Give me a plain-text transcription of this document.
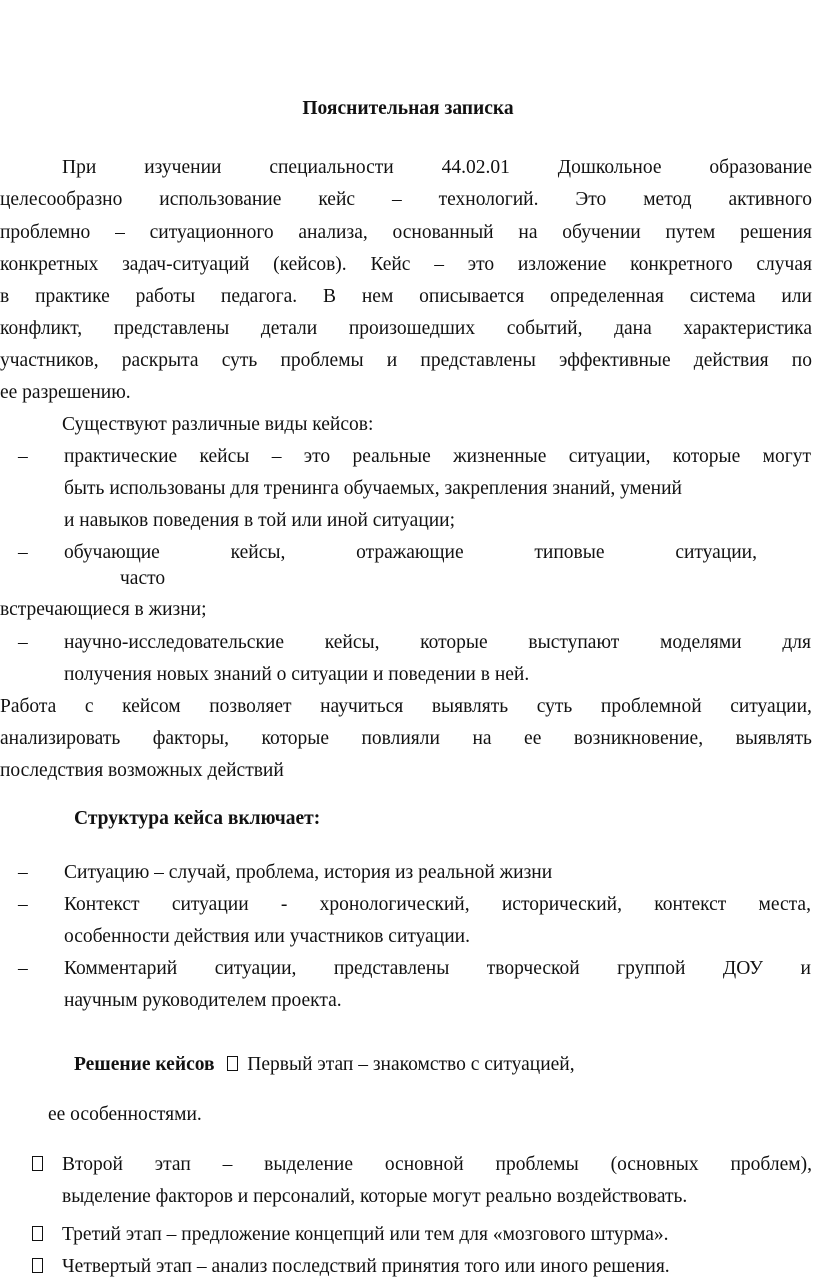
Пояснительная записка
При изучении специальности 44.02.01 Дошкольное образование
целесообразно использование кейс – технологий. Это метод активного
проблемно – ситуационного анализа, основанный на обучении путем решения
конкретных задач-ситуаций (кейсов). Кейс – это изложение конкретного случая
в практике работы педагога. В нем описывается определенная система или
конфликт, представлены детали произошедших событий, дана характеристика
участников, раскрыта суть проблемы и представлены эффективные действия по
ее разрешению.
Существуют различные виды кейсов:
– практические кейсы – это реальные жизненные ситуации, которые могут
быть использованы для тренинга обучаемых, закрепления знаний, умений
и навыков поведения в той или иной ситуации;
– обучающие	кейсы,	отражающие	типовые	ситуации,
часто
встречающиеся в жизни;
– научно-исследовательские кейсы, которые выступают моделями для
получения новых знаний о ситуации и поведении в ней.
Работа с кейсом позволяет научиться выявлять суть проблемной ситуации,
анализировать факторы, которые повлияли на ее возникновение, выявлять
последствия возможных действий
Структура кейса включает:
– Ситуацию – случай, проблема, история из реальной жизни
– Контекст ситуации - хронологический, исторический, контекст места,
особенности действия или участников ситуации.
– Комментарий ситуации, представлены творческой группой ДОУ и
научным руководителем проекта.
Решение кейсов Первый этап – знакомство с ситуацией,
ее особенностями.
Второй этап – выделение основной проблемы (основных проблем),
выделение факторов и персоналий, которые могут реально воздействовать.
Третий этап – предложение концепций или тем для «мозгового штурма».
Четвертый этап – анализ последствий принятия того или иного решения.
